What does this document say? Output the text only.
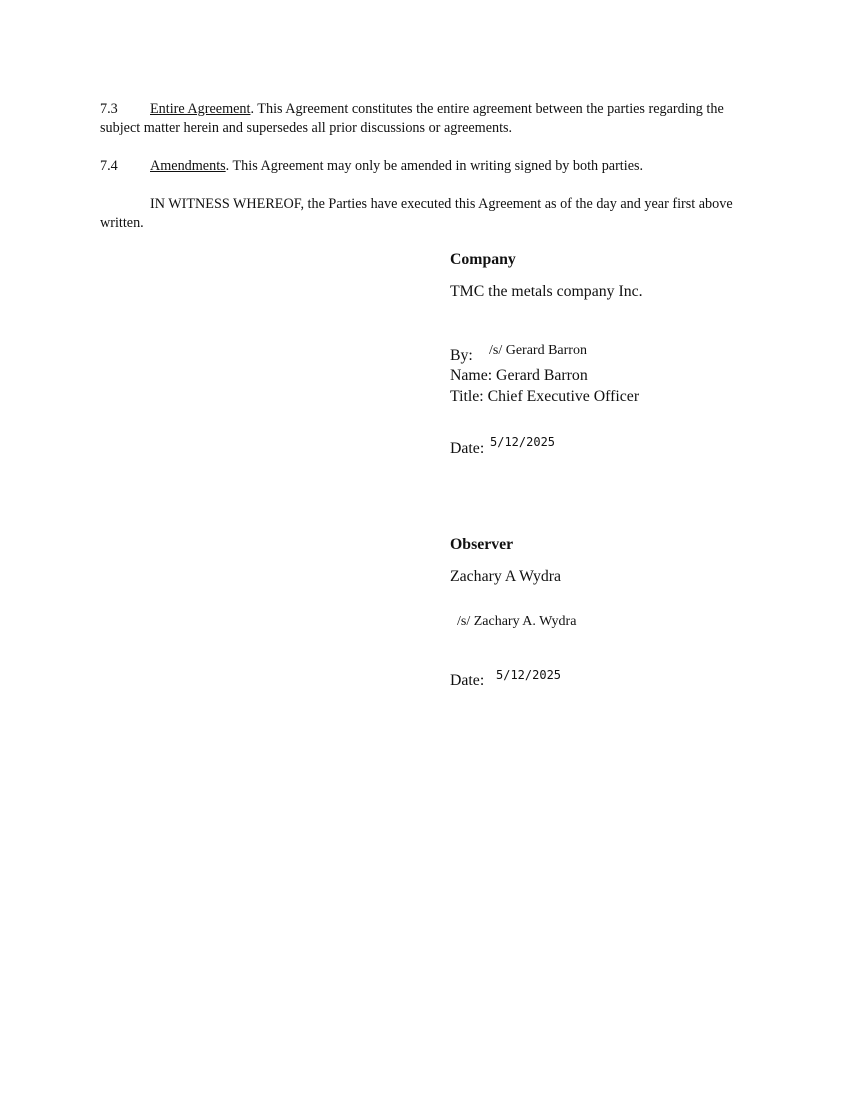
7.3 Entire Agreement. This Agreement constitutes the entire agreement between the parties regarding the subject matter herein and supersedes all prior discussions or agreements.
7.4 Amendments. This Agreement may only be amended in writing signed by both parties.
IN WITNESS WHEREOF, the Parties have executed this Agreement as of the day and year first above written.
Company
TMC the metals company Inc.
By: /s/ Gerard Barron
Name: Gerard Barron
Title: Chief Executive Officer
Date: 5/12/2025
Observer
Zachary A Wydra
/s/ Zachary A. Wydra
Date: 5/12/2025
